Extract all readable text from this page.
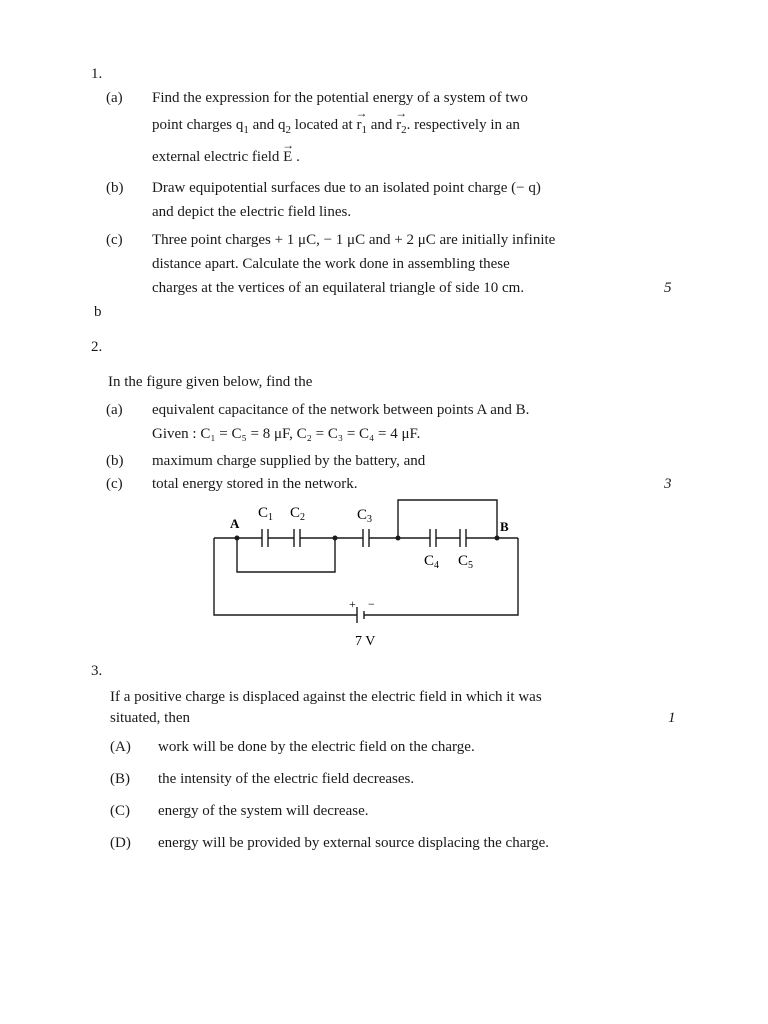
1.
(a) Find the expression for the potential energy of a system of two
point charges $q_1$ and $q_2$ located at → $r_1$ and → $r_2$. respectively in an
external electric field → E .
(b) Draw equipotential surfaces due to an isolated point charge (− q)
and depict the electric field lines.
(c) Three point charges + 1 μC, − 1 μC and + 2 μC are initially infinite
distance apart. Calculate the work done in assembling these
charges at the vertices of an equilateral triangle of side 10 cm.	5
b
2.
In the figure given below, find the
(a) equivalent capacitance of the network between points A and B.
Given : C₁ = C₅ = 8 μF, C₂ = C₃ = C₄ = 4 μF.
(b) maximum charge supplied by the battery, and
(c) total energy stored in the network.	3
A	B
$C_1$ $C_2$	$C_3$
$C_4$ $C_5$
+ −
7 V
3.
If a positive charge is displaced against the electric field in which it was
situated, then	1
(A) work will be done by the electric field on the charge.
(B) the intensity of the electric field decreases.
(C) energy of the system will decrease.
(D) energy will be provided by external source displacing the charge.
